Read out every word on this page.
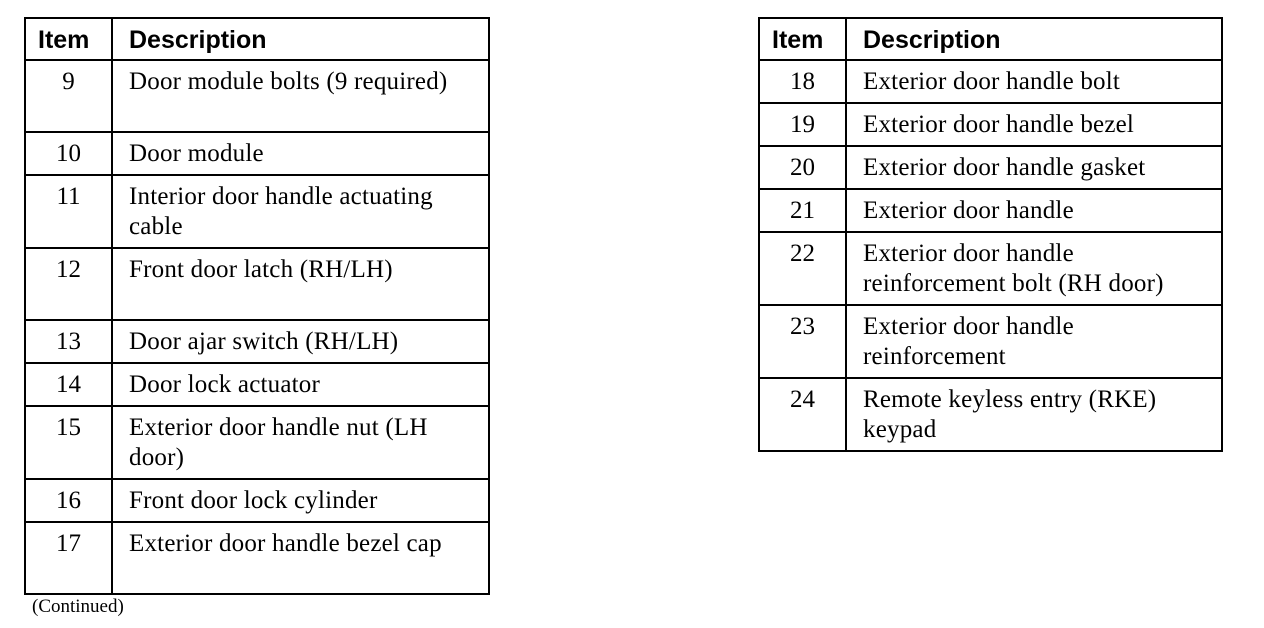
Item	Description
9	Door module bolts (9 required)
10	Door module
11	Interior door handle actuating cable
12	Front door latch (RH/LH)
13	Door ajar switch (RH/LH)
14	Door lock actuator
15	Exterior door handle nut (LH door)
16	Front door lock cylinder
17	Exterior door handle bezel cap
Item	Description
18	Exterior door handle bolt
19	Exterior door handle bezel
20	Exterior door handle gasket
21	Exterior door handle
22	Exterior door handle reinforcement bolt (RH door)
23	Exterior door handle reinforcement
24	Remote keyless entry (RKE) keypad
(Continued)
